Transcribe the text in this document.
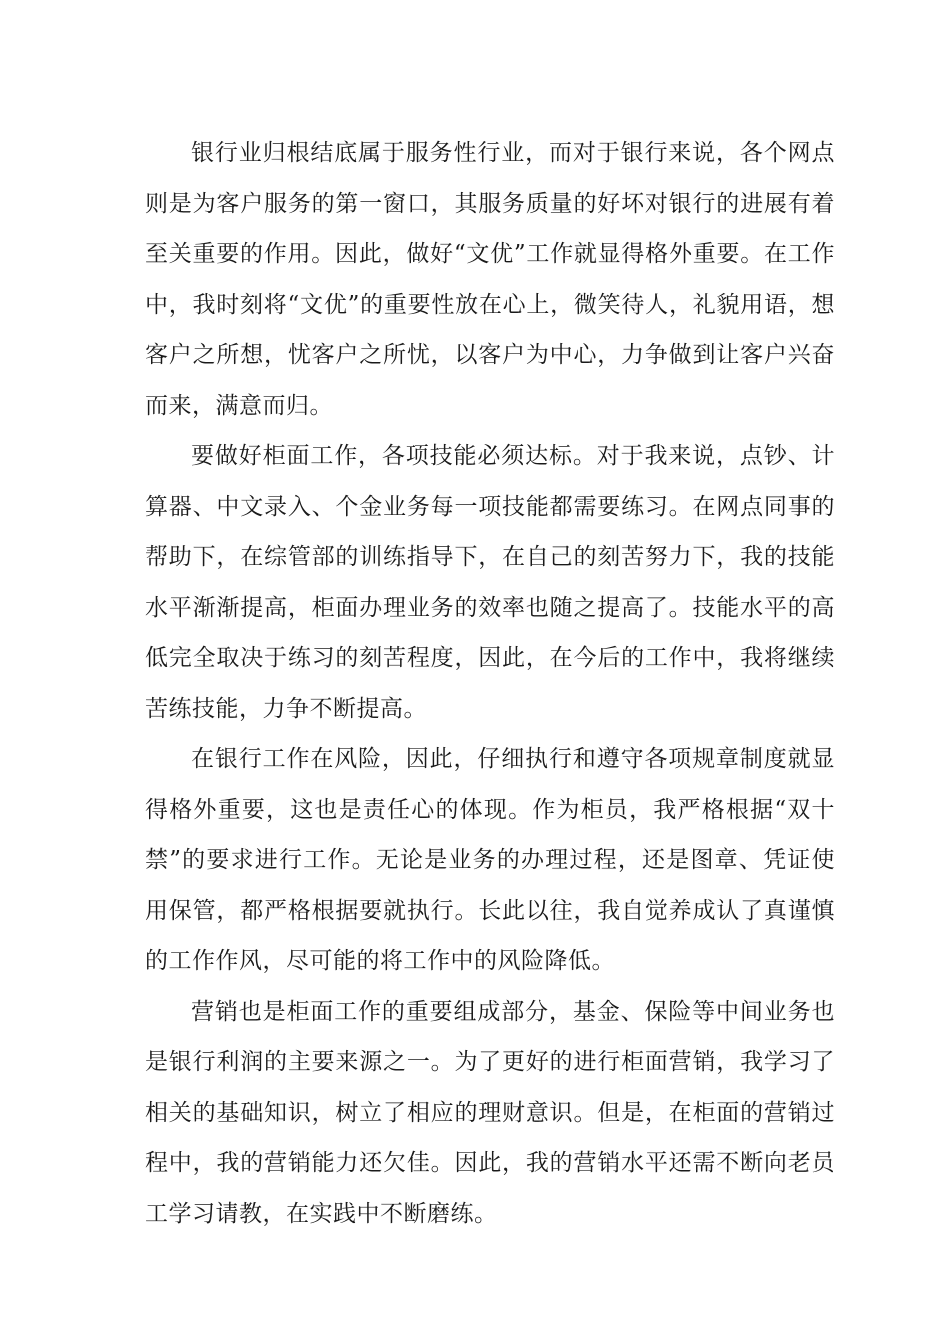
银行业归根结底属于服务性行业，而对于银行来说，各个网点则是为客户服务的第一窗口，其服务质量的好坏对银行的进展有着至关重要的作用。因此，做好“文优”工作就显得格外重要。在工作中，我时刻将“文优”的重要性放在心上，微笑待人，礼貌用语，想客户之所想，忧客户之所忧，以客户为中心，力争做到让客户兴奋而来，满意而归。

要做好柜面工作，各项技能必须达标。对于我来说，点钞、计算器、中文录入、个金业务每一项技能都需要练习。在网点同事的帮助下，在综管部的训练指导下，在自己的刻苦努力下，我的技能水平渐渐提高，柜面办理业务的效率也随之提高了。技能水平的高低完全取决于练习的刻苦程度，因此，在今后的工作中，我将继续苦练技能，力争不断提高。

在银行工作在风险，因此，仔细执行和遵守各项规章制度就显得格外重要，这也是责任心的体现。作为柜员，我严格根据“双十禁”的要求进行工作。无论是业务的办理过程，还是图章、凭证使用保管，都严格根据要就执行。长此以往，我自觉养成认了真谨慎的工作作风，尽可能的将工作中的风险降低。

营销也是柜面工作的重要组成部分，基金、保险等中间业务也是银行利润的主要来源之一。为了更好的进行柜面营销，我学习了相关的基础知识，树立了相应的理财意识。但是，在柜面的营销过程中，我的营销能力还欠佳。因此，我的营销水平还需不断向老员工学习请教，在实践中不断磨练。
